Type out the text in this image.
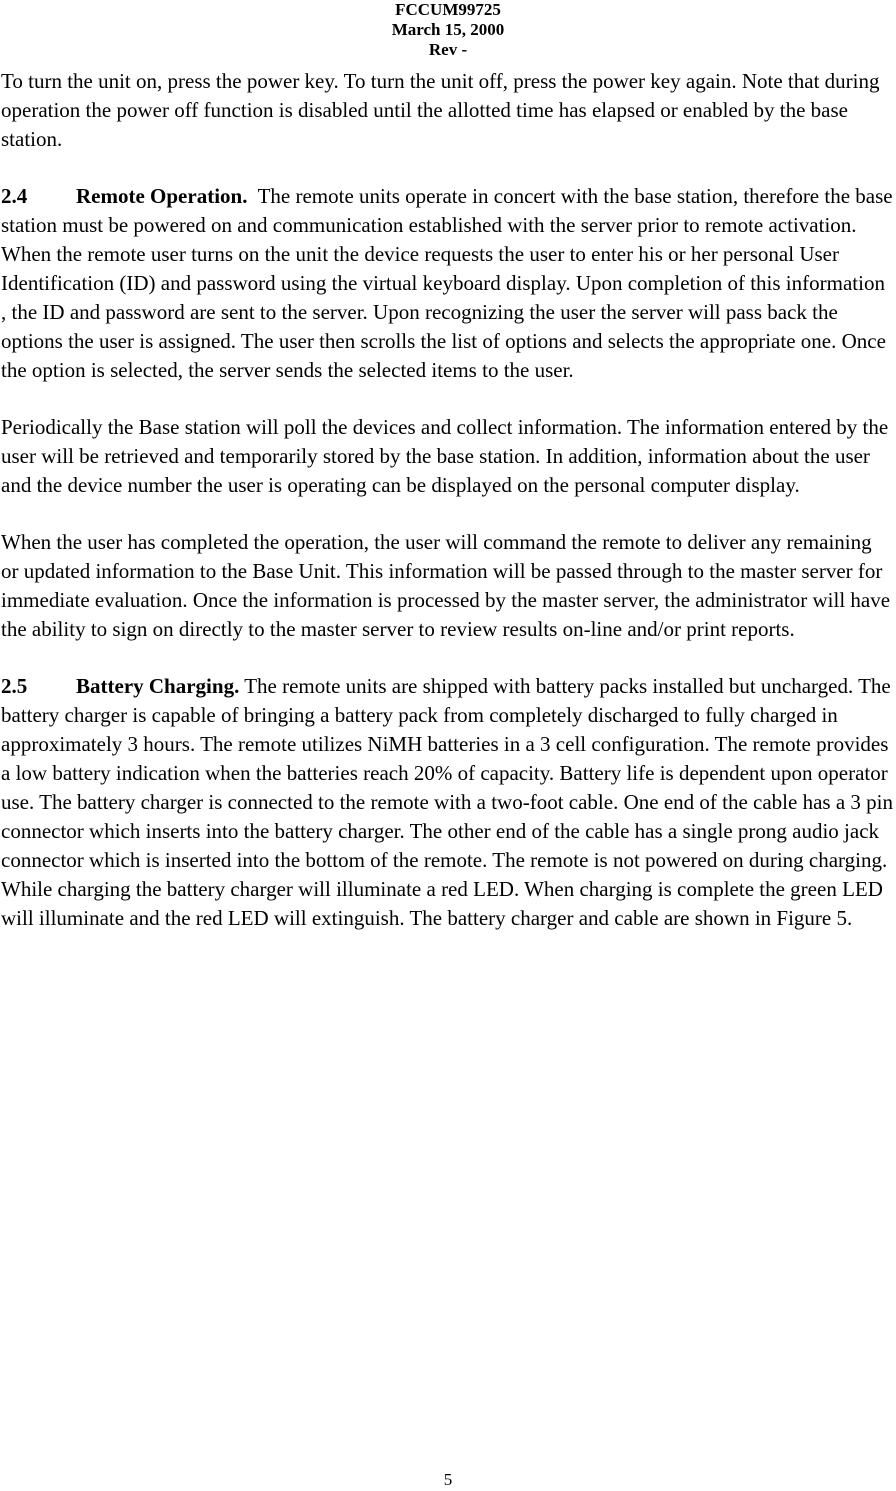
FCCUM99725
March 15, 2000
Rev -

To turn the unit on, press the power key. To turn the unit off, press the power key again. Note that during operation the power off function is disabled until the allotted time has elapsed or enabled by the base station.

2.4 Remote Operation. The remote units operate in concert with the base station, therefore the base station must be powered on and communication established with the server prior to remote activation. When the remote user turns on the unit the device requests the user to enter his or her personal User Identification (ID) and password using the virtual keyboard display. Upon completion of this information , the ID and password are sent to the server. Upon recognizing the user the server will pass back the options the user is assigned. The user then scrolls the list of options and selects the appropriate one. Once the option is selected, the server sends the selected items to the user.

Periodically the Base station will poll the devices and collect information. The information entered by the user will be retrieved and temporarily stored by the base station. In addition, information about the user and the device number the user is operating can be displayed on the personal computer display.

When the user has completed the operation, the user will command the remote to deliver any remaining or updated information to the Base Unit. This information will be passed through to the master server for immediate evaluation. Once the information is processed by the master server, the administrator will have the ability to sign on directly to the master server to review results on-line and/or print reports.

2.5 Battery Charging. The remote units are shipped with battery packs installed but uncharged. The battery charger is capable of bringing a battery pack from completely discharged to fully charged in approximately 3 hours. The remote utilizes NiMH batteries in a 3 cell configuration. The remote provides a low battery indication when the batteries reach 20% of capacity. Battery life is dependent upon operator use. The battery charger is connected to the remote with a two-foot cable. One end of the cable has a 3 pin connector which inserts into the battery charger. The other end of the cable has a single prong audio jack connector which is inserted into the bottom of the remote. The remote is not powered on during charging. While charging the battery charger will illuminate a red LED. When charging is complete the green LED will illuminate and the red LED will extinguish. The battery charger and cable are shown in Figure 5.

5
